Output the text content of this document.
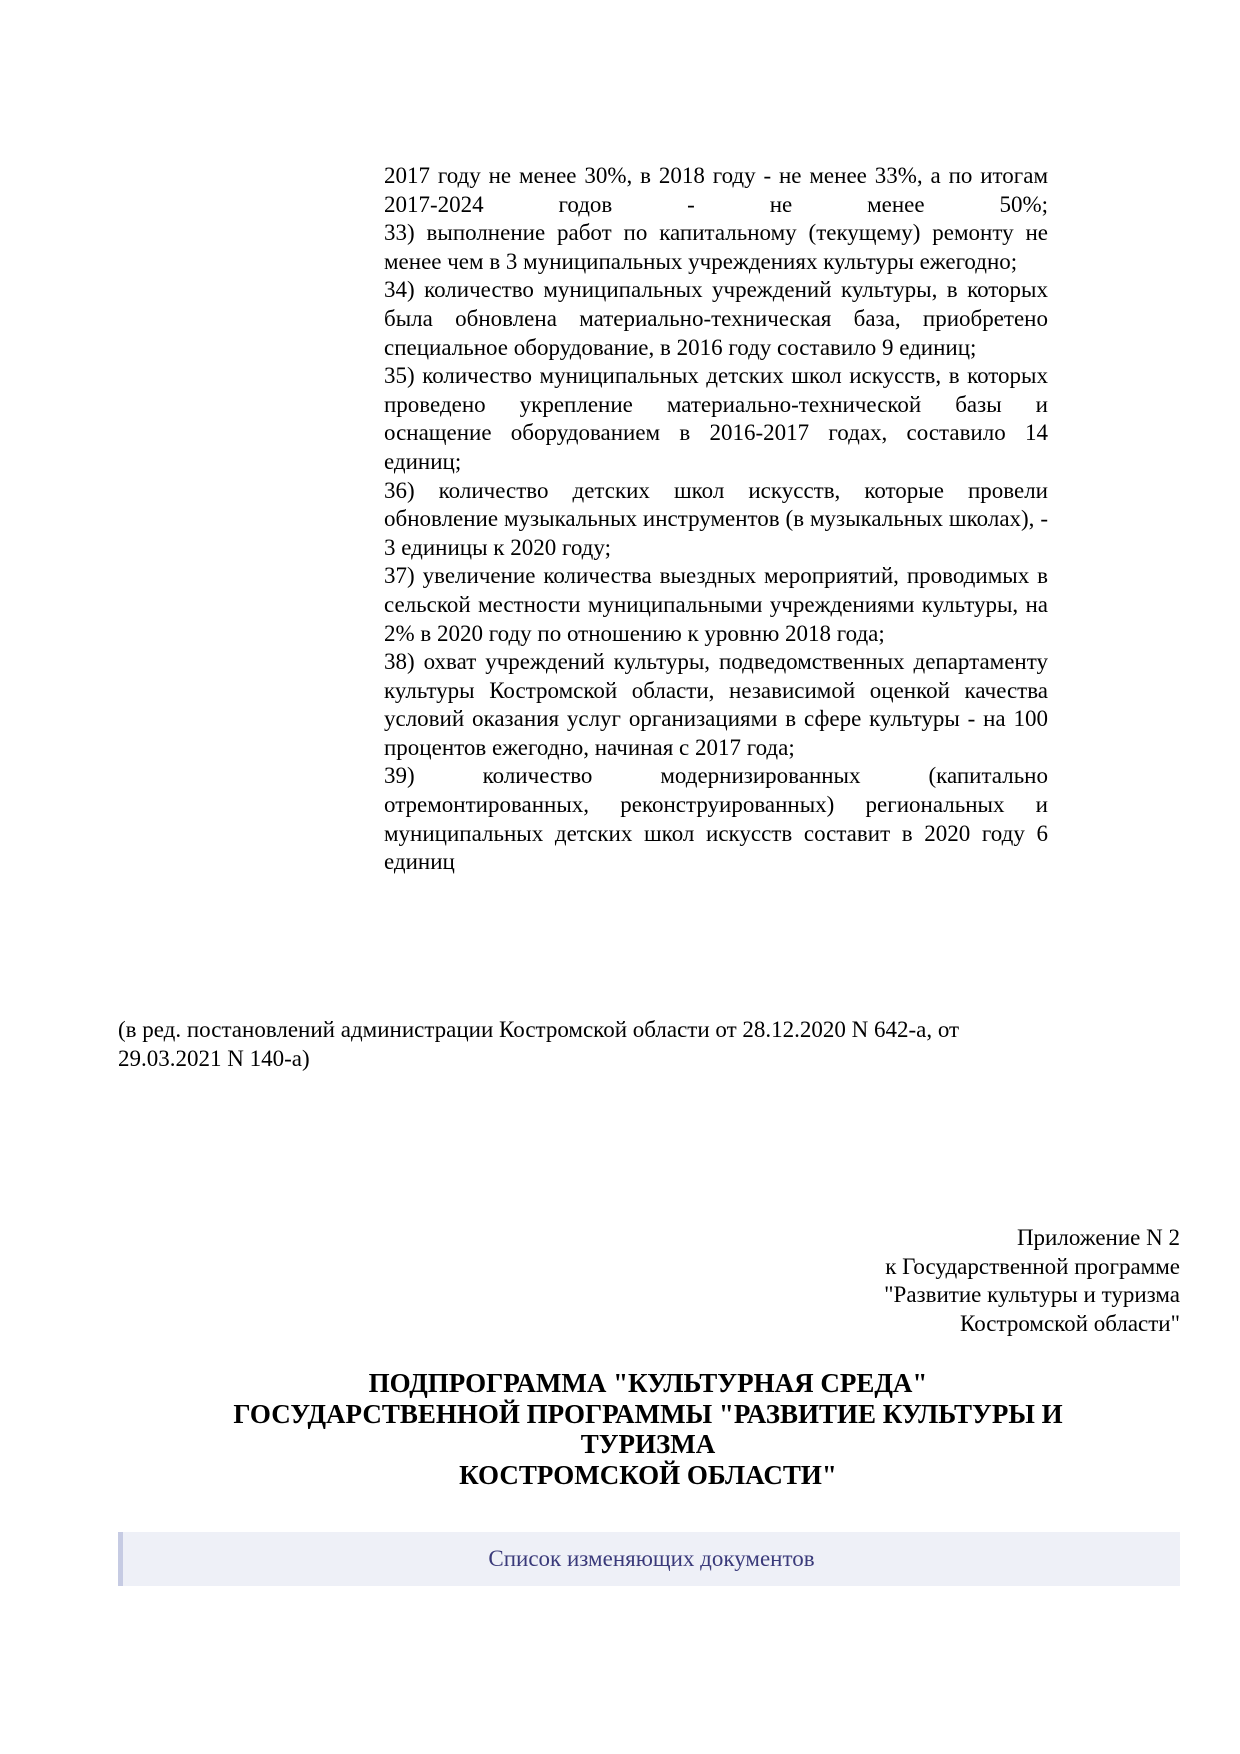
2017 году не менее 30%, в 2018 году - не менее 33%, а по итогам 2017-2024 годов - не менее 50%;

33) выполнение работ по капитальному (текущему) ремонту не менее чем в 3 муниципальных учреждениях культуры ежегодно;

34) количество муниципальных учреждений культуры, в которых была обновлена материально-техническая база, приобретено специальное оборудование, в 2016 году составило 9 единиц;

35) количество муниципальных детских школ искусств, в которых проведено укрепление материально-технической базы и оснащение оборудованием в 2016-2017 годах, составило 14 единиц;

36) количество детских школ искусств, которые провели обновление музыкальных инструментов (в музыкальных школах), - 3 единицы к 2020 году;

37) увеличение количества выездных мероприятий, проводимых в сельской местности муниципальными учреждениями культуры, на 2% в 2020 году по отношению к уровню 2018 года;

38) охват учреждений культуры, подведомственных департаменту культуры Костромской области, независимой оценкой качества условий оказания услуг организациями в сфере культуры - на 100 процентов ежегодно, начиная с 2017 года;

39) количество модернизированных (капитально отремонтированных, реконструированных) региональных и муниципальных детских школ искусств составит в 2020 году 6 единиц

(в ред. постановлений администрации Костромской области от 28.12.2020 N 642-а, от 29.03.2021 N 140-а)
Приложение N 2
к Государственной программе
"Развитие культуры и туризма
Костромской области"
ПОДПРОГРАММА "КУЛЬТУРНАЯ СРЕДА"
ГОСУДАРСТВЕННОЙ ПРОГРАММЫ "РАЗВИТИЕ КУЛЬТУРЫ И
ТУРИЗМА
КОСТРОМСКОЙ ОБЛАСТИ"
Список изменяющих документов
